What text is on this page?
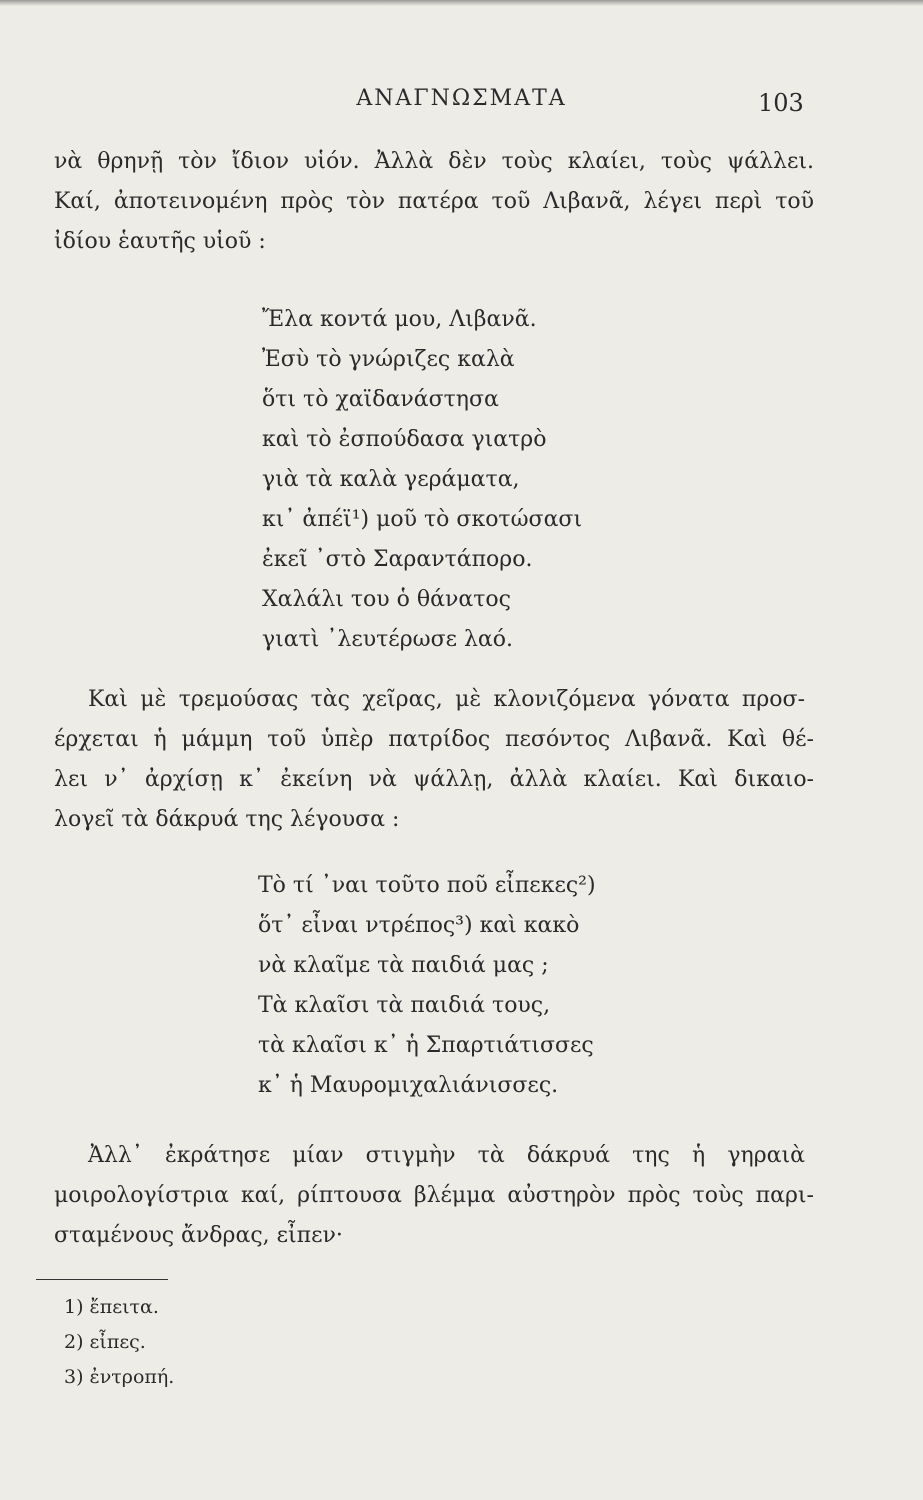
ΑΝΑΓΝΩΣΜΑΤΑ	103

νὰ θρηνῇ τὸν ἴδιον υἱόν. Ἀλλὰ δὲν τοὺς κλαίει, τοὺς ψάλλει.
Καί, ἀποτεινομένη πρὸς τὸν πατέρα τοῦ Λιβανᾶ, λέγει περὶ τοῦ
ἰδίου ἑαυτῆς υἱοῦ :

Ἔλα κοντά μου, Λιβανᾶ.
Ἐσὺ τὸ γνώριζες καλὰ
ὅτι τὸ χαϊδανάστησα
καὶ τὸ ἐσπούδασα γιατρὸ
γιὰ τὰ καλὰ γεράματα,
κι᾽ ἀπέϊ¹) μοῦ τὸ σκοτώσασι
ἐκεῖ ᾽στὸ Σαραντάπορο.
Χαλάλι του ὁ θάνατος
γιατὶ ᾽λευτέρωσε λαό.

Καὶ μὲ τρεμούσας τὰς χεῖρας, μὲ κλονιζόμενα γόνατα προσ-

έρχεται ἡ μάμμη τοῦ ὑπὲρ πατρίδος πεσόντος Λιβανᾶ. Καὶ θέ-
λει ν᾽ ἀρχίσῃ κ᾽ ἐκείνη νὰ ψάλλῃ, ἀλλὰ κλαίει. Καὶ δικαιο-
λογεῖ τὰ δάκρυά της λέγουσα :

Τὸ τί ᾽ναι τοῦτο ποῦ εἶπεκες²)
ὅτ᾽ εἶναι ντρέπος³) καὶ κακὸ
νὰ κλαῖμε τὰ παιδιά μας ;
Τὰ κλαῖσι τὰ παιδιά τους,
τὰ κλαῖσι κ᾽ ἡ Σπαρτιάτισσες
κ᾽ ἡ Μαυρομιχαλιάνισσες.

Ἀλλ᾽ ἐκράτησε μίαν στιγμὴν τὰ δάκρυά της ἡ γηραιὰ

μοιρολογίστρια καί, ρίπτουσα βλέμμα αὐστηρὸν πρὸς τοὺς παρι-
σταμένους ἄνδρας, εἶπεν·

1) ἔπειτα.
2) εἶπες.
3) ἐντροπή.
